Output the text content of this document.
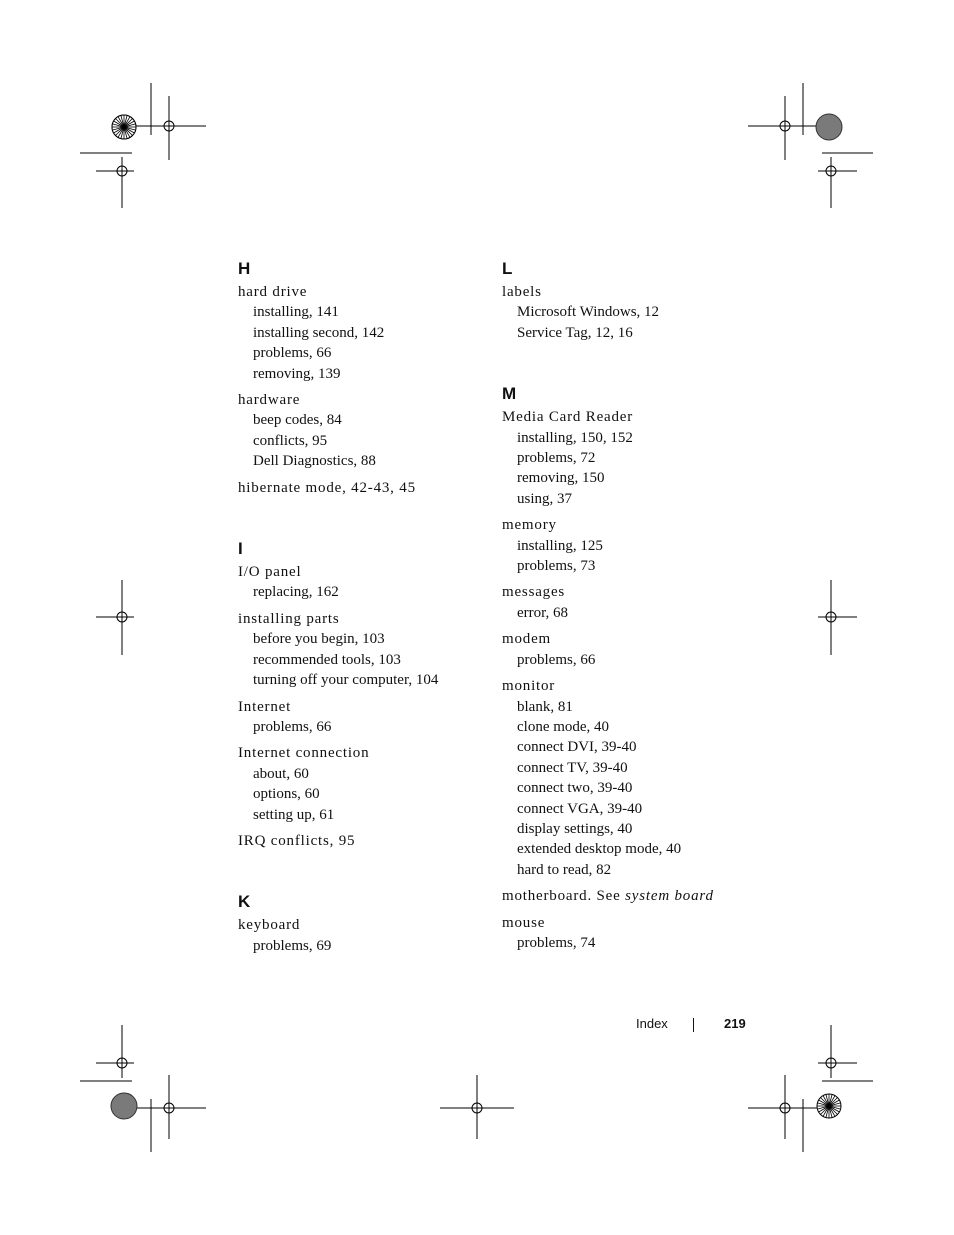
H
hard drive
installing, 141
installing second, 142
problems, 66
removing, 139
hardware
beep codes, 84
conflicts, 95
Dell Diagnostics, 88
hibernate mode, 42-43, 45
I
I/O panel
replacing, 162
installing parts
before you begin, 103
recommended tools, 103
turning off your computer, 104
Internet
problems, 66
Internet connection
about, 60
options, 60
setting up, 61
IRQ conflicts, 95
K
keyboard
problems, 69
L
labels
Microsoft Windows, 12
Service Tag, 12, 16
M
Media Card Reader
installing, 150, 152
problems, 72
removing, 150
using, 37
memory
installing, 125
problems, 73
messages
error, 68
modem
problems, 66
monitor
blank, 81
clone mode, 40
connect DVI, 39-40
connect TV, 39-40
connect two, 39-40
connect VGA, 39-40
display settings, 40
extended desktop mode, 40
hard to read, 82
motherboard. See system board
mouse
problems, 74
Index	219
